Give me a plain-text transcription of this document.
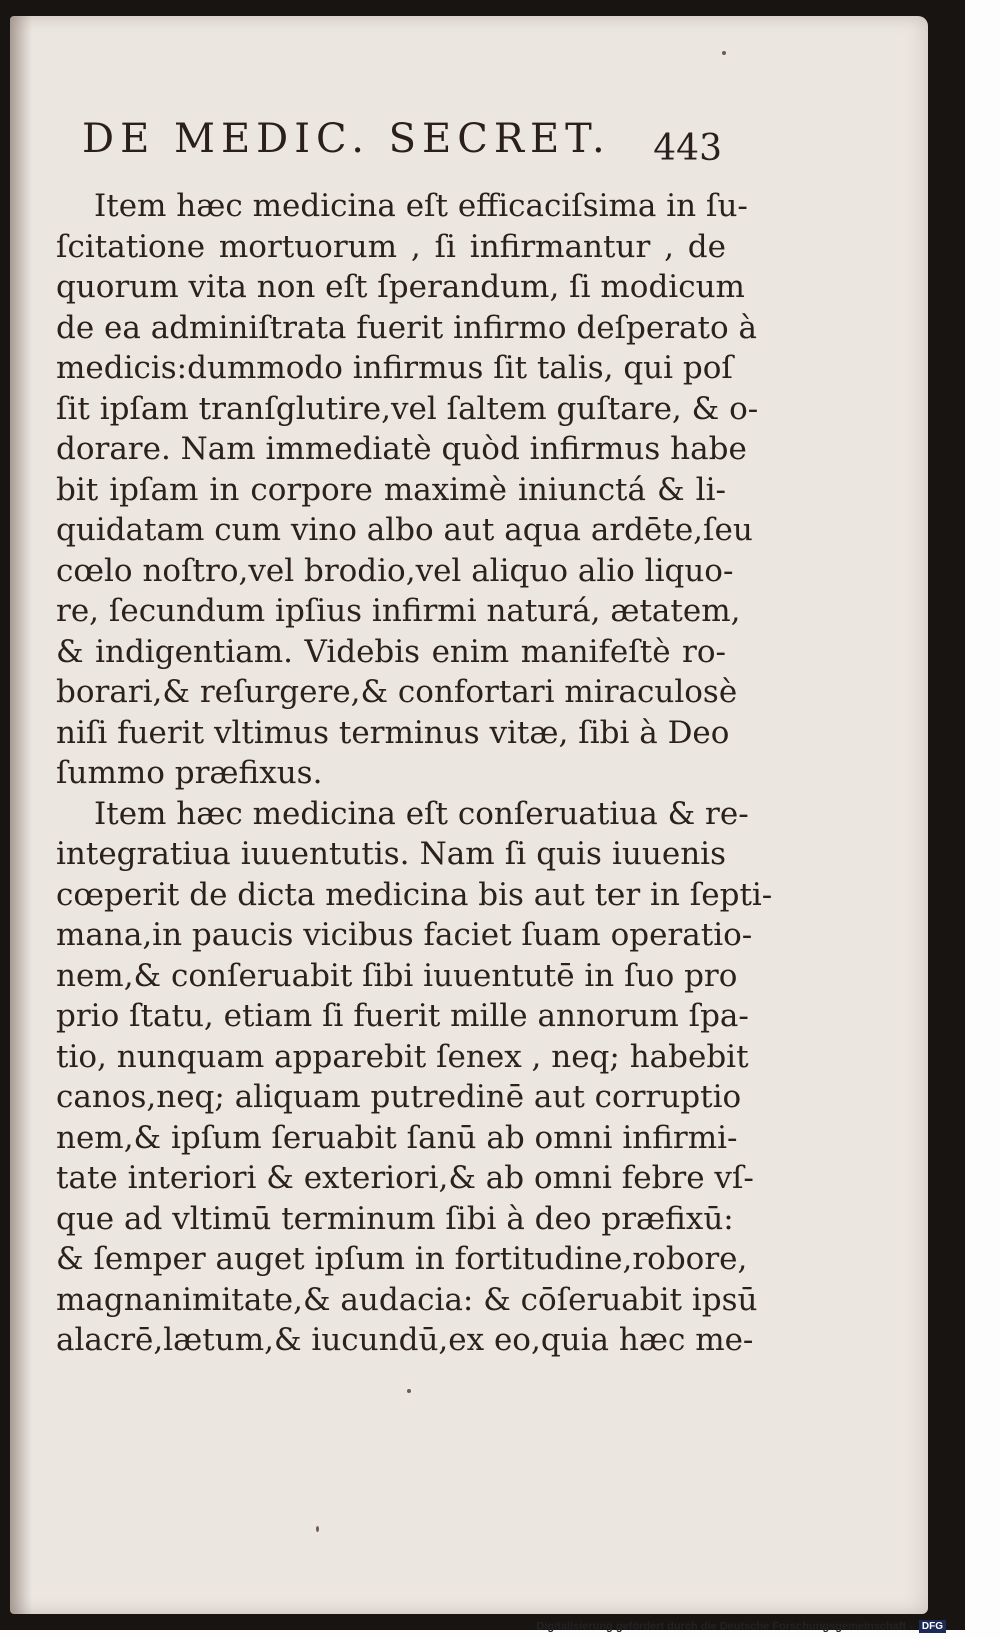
DE MEDIC. SECRET. 443
Item hæc medicina eſt efficaciſsima in ſu-
ſcitatione mortuorum , ſi infirmantur , de
quorum vita non eſt ſperandum, ſi modicum
de ea adminiſtrata fuerit infirmo deſperato à
medicis:dummodo infirmus ſit talis, qui poſ
ſit ipſam tranſglutire,vel ſaltem guſtare, & o-
dorare. Nam immediatè quòd infirmus habe
bit ipſam in corpore maximè iniunctá & li-
quidatam cum vino albo aut aqua ardēte,ſeu
cœlo noſtro,vel brodio,vel aliquo alio liquo-
re, ſecundum ipſius infirmi naturá, ætatem,
& indigentiam. Videbis enim manifeſtè ro-
borari,& reſurgere,& confortari miraculosè
niſi fuerit vltimus terminus vitæ, ſibi à Deo
ſummo præfixus.
Item hæc medicina eſt conſeruatiua & re-
integratiua iuuentutis. Nam ſi quis iuuenis
cœperit de dicta medicina bis aut ter in ſepti-
mana,in paucis vicibus faciet ſuam operatio-
nem,& conſeruabit ſibi iuuentutē in ſuo pro
prio ſtatu, etiam ſi fuerit mille annorum ſpa-
tio, nunquam apparebit ſenex , neq; habebit
canos,neq; aliquam putredinē aut corruptio
nem,& ipſum ſeruabit ſanū ab omni infirmi-
tate interiori & exteriori,& ab omni febre vſ-
que ad vltimū terminum ſibi à deo præfixū:
& ſemper auget ipſum in fortitudine,robore,
magnanimitate,& audacia: & cōſeruabit ipsū
alacrē,lætum,& iucundū,ex eo,quia hæc me-
Digitalisierung gefördert durch die Deutsche Forschungsgemeinschaft - DFG
